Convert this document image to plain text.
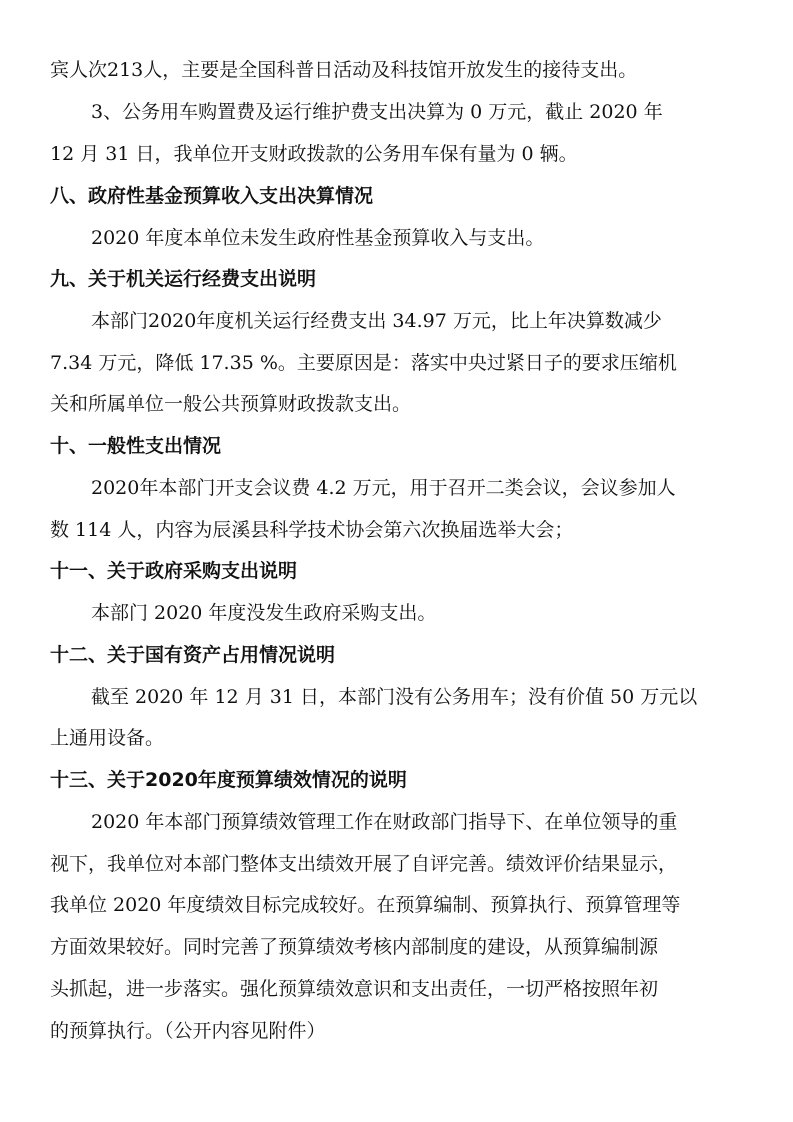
宾人次213人，主要是全国科普日活动及科技馆开放发生的接待支出。
3、公务用车购置费及运行维护费支出决算为 0 万元，截止 2020 年
12 月 31 日，我单位开支财政拨款的公务用车保有量为 0 辆。
八、政府性基金预算收入支出决算情况
2020 年度本单位未发生政府性基金预算收入与支出。
九、关于机关运行经费支出说明
本部门2020年度机关运行经费支出 34.97 万元，比上年决算数减少
7.34 万元，降低 17.35 %。主要原因是：落实中央过紧日子的要求压缩机
关和所属单位一般公共预算财政拨款支出。
十、一般性支出情况
2020年本部门开支会议费 4.2 万元，用于召开二类会议，会议参加人
数 114 人，内容为辰溪县科学技术协会第六次换届选举大会；
十一、关于政府采购支出说明
本部门 2020 年度没发生政府采购支出。
十二、关于国有资产占用情况说明
截至 2020 年 12 月 31 日，本部门没有公务用车；没有价值 50 万元以
上通用设备。
十三、关于2020年度预算绩效情况的说明
2020 年本部门预算绩效管理工作在财政部门指导下、在单位领导的重
视下，我单位对本部门整体支出绩效开展了自评完善。绩效评价结果显示，
我单位 2020 年度绩效目标完成较好。在预算编制、预算执行、预算管理等
方面效果较好。同时完善了预算绩效考核内部制度的建设，从预算编制源
头抓起，进一步落实。强化预算绩效意识和支出责任，一切严格按照年初
的预算执行。（公开内容见附件）
